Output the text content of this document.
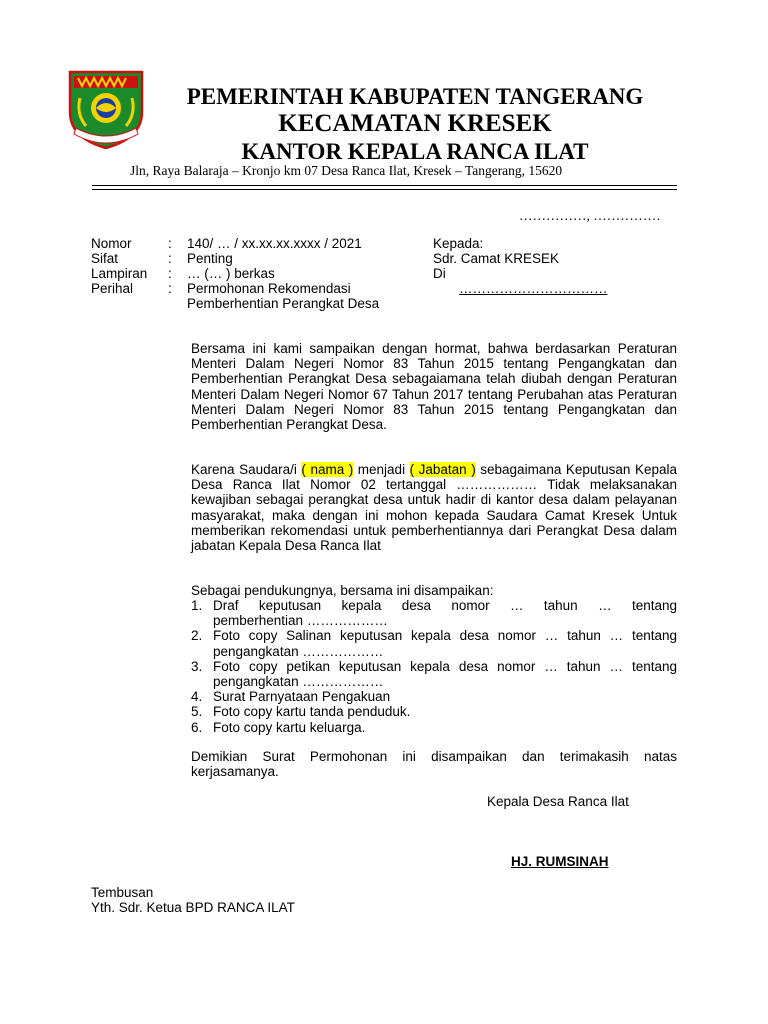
PEMERINTAH KABUPATEN TANGERANG
KECAMATAN KRESEK
KANTOR KEPALA RANCA ILAT
Jln, Raya Balaraja – Kronjo km 07 Desa Ranca Ilat, Kresek – Tangerang, 15620
……………, ……………
Nomor	: 140/ … / xx.xx.xx.xxxx / 2021
Sifat	: Penting
Lampiran : … (… ) berkas
Perihal	: Permohonan Rekomendasi
Pemberhentian Perangkat Desa
Kepada:
Sdr. Camat KRESEK
Di
……………………………
Bersama ini kami sampaikan dengan hormat, bahwa berdasarkan Peraturan Menteri Dalam Negeri Nomor 83 Tahun 2015 tentang Pengangkatan dan Pemberhentian Perangkat Desa sebagaiamana telah diubah dengan Peraturan Menteri Dalam Negeri Nomor 67 Tahun 2017 tentang Perubahan atas Peraturan Menteri Dalam Negeri Nomor 83 Tahun 2015 tentang Pengangkatan dan Pemberhentian Perangkat Desa.
Karena Saudara/i ( nama ) menjadi ( Jabatan ) sebagaimana Keputusan Kepala Desa Ranca Ilat Nomor 02 tertanggal ……………… Tidak melaksanakan kewajiban sebagai perangkat desa untuk hadir di kantor desa dalam pelayanan masyarakat, maka dengan ini mohon kepada Saudara Camat Kresek Untuk memberikan rekomendasi untuk pemberhentiannya dari Perangkat Desa dalam jabatan Kepala Desa Ranca Ilat
Sebagai pendukungnya, bersama ini disampaikan:
1. Draf keputusan kepala desa nomor … tahun … tentang
pemberhentian ………………
2. Foto copy Salinan keputusan kepala desa nomor … tahun … tentang
pengangkatan ………………
3. Foto copy petikan keputusan kepala desa nomor … tahun … tentang
pengangkatan ………………
4. Surat Parnyataan Pengakuan
5. Foto copy kartu tanda penduduk.
6. Foto copy kartu keluarga.
Demikian Surat Permohonan ini disampaikan dan terimakasih natas kerjasamanya.
Kepala Desa Ranca Ilat
HJ. RUMSINAH
Tembusan
Yth. Sdr. Ketua BPD RANCA ILAT
